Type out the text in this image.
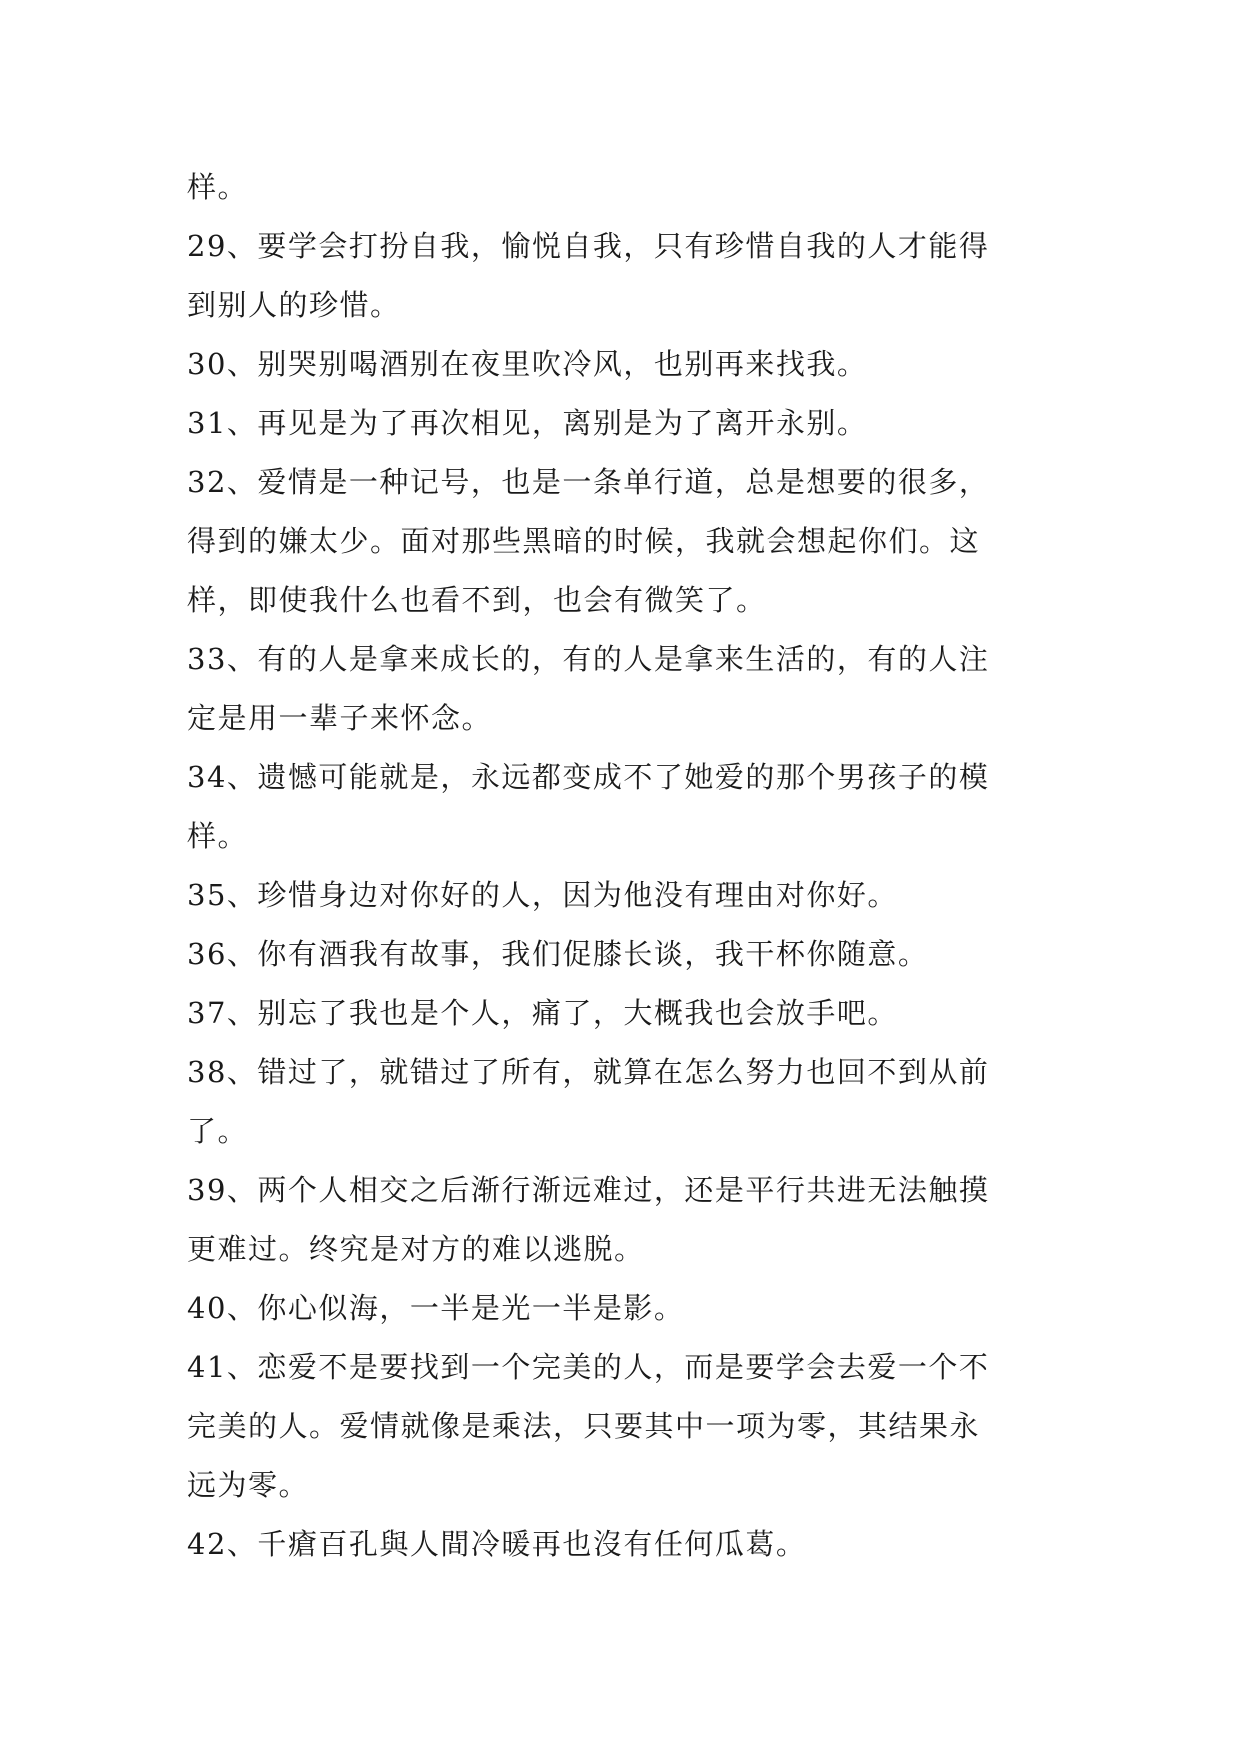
样。
29、要学会打扮自我，愉悦自我，只有珍惜自我的人才能得
到别人的珍惜。
30、别哭别喝酒别在夜里吹冷风，也别再来找我。
31、再见是为了再次相见，离别是为了离开永别。
32、爱情是一种记号，也是一条单行道，总是想要的很多，
得到的嫌太少。面对那些黑暗的时候，我就会想起你们。这
样，即使我什么也看不到，也会有微笑了。
33、有的人是拿来成长的，有的人是拿来生活的，有的人注
定是用一辈子来怀念。
34、遗憾可能就是，永远都变成不了她爱的那个男孩子的模
样。
35、珍惜身边对你好的人，因为他没有理由对你好。
36、你有酒我有故事，我们促膝长谈，我干杯你随意。
37、别忘了我也是个人，痛了，大概我也会放手吧。
38、错过了，就错过了所有，就算在怎么努力也回不到从前
了。
39、两个人相交之后渐行渐远难过，还是平行共进无法触摸
更难过。终究是对方的难以逃脱。
40、你心似海，一半是光一半是影。
41、恋爱不是要找到一个完美的人，而是要学会去爱一个不
完美的人。爱情就像是乘法，只要其中一项为零，其结果永
远为零。
42、千瘡百孔與人間冷暖再也沒有任何瓜葛。
